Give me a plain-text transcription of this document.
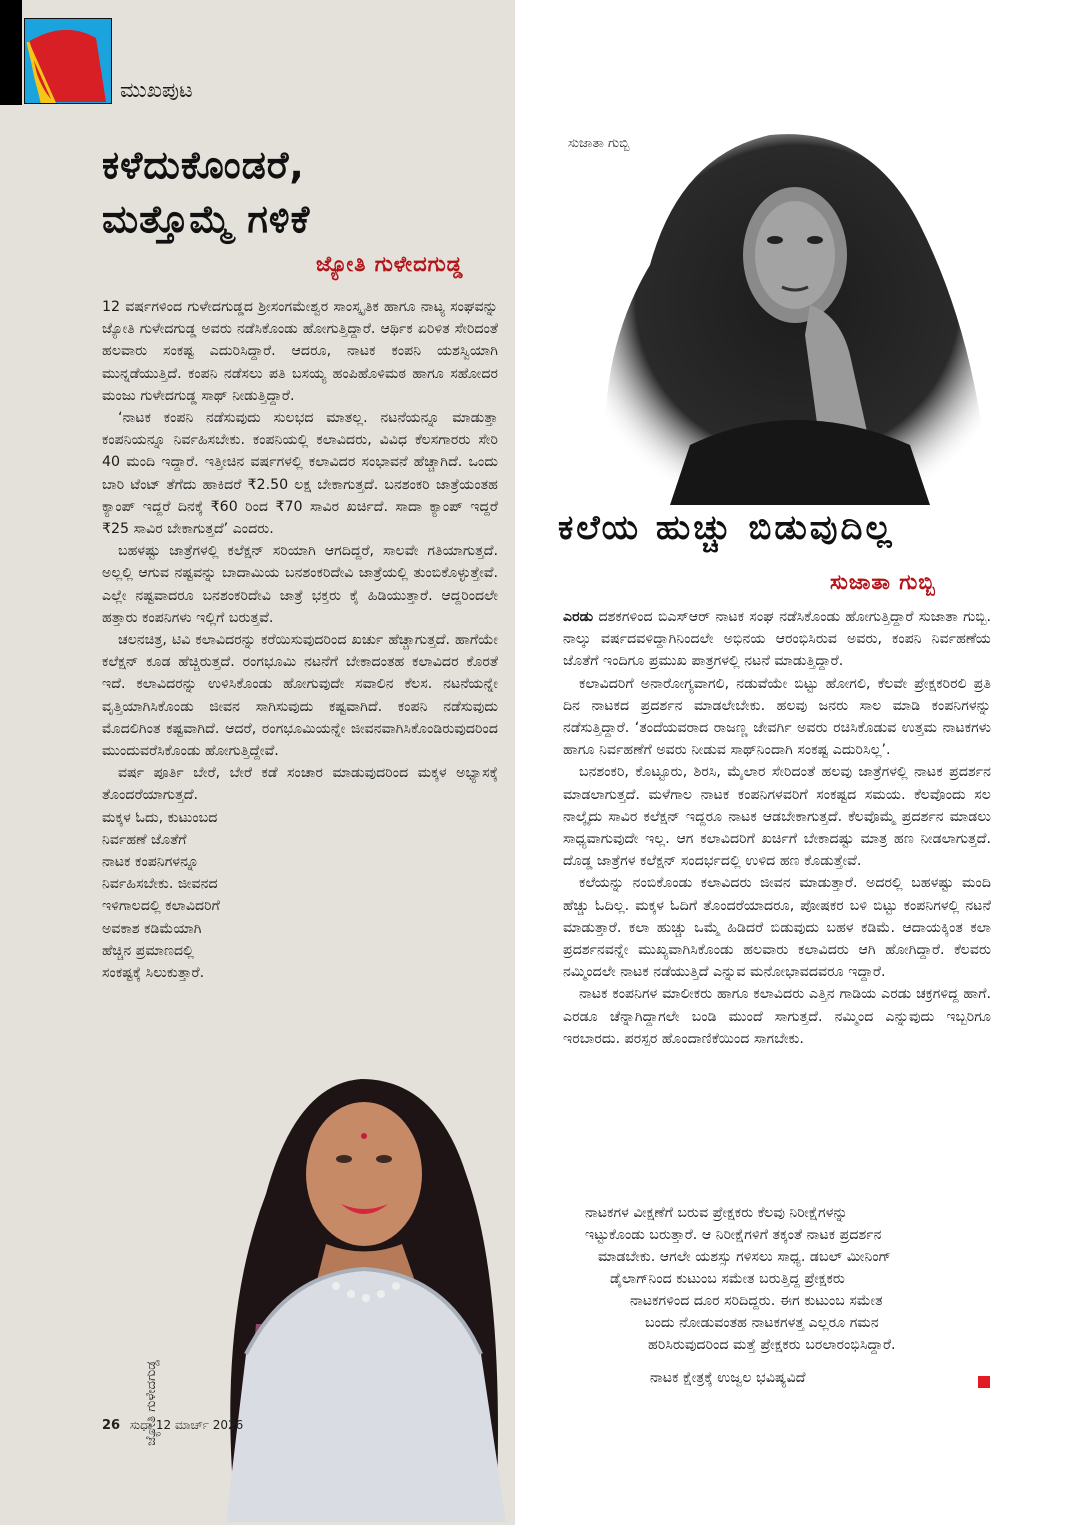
ಮುಖಪುಟ
ಕಳೆದುಕೊಂಡರೆ,
ಮತ್ತೊಮ್ಮೆ ಗಳಿಕೆ
ಜ್ಯೋತಿ ಗುಳೇದಗುಡ್ಡ

12 ವರ್ಷಗಳಿಂದ ಗುಳೇದಗುಡ್ಡದ ಶ್ರೀಸಂಗಮೇಶ್ವರ ಸಾಂಸ್ಕೃತಿಕ ಹಾಗೂ ನಾಟ್ಯ ಸಂಘವನ್ನು ಜ್ಯೋತಿ ಗುಳೇದಗುಡ್ಡ ಅವರು ನಡೆಸಿಕೊಂಡು ಹೋಗುತ್ತಿದ್ದಾರೆ. ಆರ್ಥಿಕ ಏರಿಳಿತ ಸೇರಿದಂತೆ ಹಲವಾರು ಸಂಕಷ್ಟ ಎದುರಿಸಿದ್ದಾರೆ. ಆದರೂ, ನಾಟಕ ಕಂಪನಿ ಯಶಸ್ವಿಯಾಗಿ ಮುನ್ನಡೆಯುತ್ತಿದೆ. ಕಂಪನಿ ನಡೆಸಲು ಪತಿ ಬಸಯ್ಯ ಹಂಪಿಹೊಳಿಮಠ ಹಾಗೂ ಸಹೋದರ ಮಂಜು ಗುಳೇದಗುಡ್ಡ ಸಾಥ್ ನೀಡುತ್ತಿದ್ದಾರೆ.

‘ನಾಟಕ ಕಂಪನಿ ನಡೆಸುವುದು ಸುಲಭದ ಮಾತಲ್ಲ. ನಟನೆಯನ್ನೂ ಮಾಡುತ್ತಾ ಕಂಪನಿಯನ್ನೂ ನಿರ್ವಹಿಸಬೇಕು. ಕಂಪನಿಯಲ್ಲಿ ಕಲಾವಿದರು, ವಿವಿಧ ಕೆಲಸಗಾರರು ಸೇರಿ 40 ಮಂದಿ ಇದ್ದಾರೆ. ಇತ್ತೀಚಿನ ವರ್ಷಗಳಲ್ಲಿ ಕಲಾವಿದರ ಸಂಭಾವನೆ ಹೆಚ್ಚಾಗಿದೆ. ಒಂದು ಬಾರಿ ಟೆಂಟ್ ತೆಗೆದು ಹಾಕಿದರೆ ₹2.50 ಲಕ್ಷ ಬೇಕಾಗುತ್ತದೆ. ಬನಶಂಕರಿ ಜಾತ್ರೆಯಂತಹ ಕ್ಯಾಂಪ್ ಇದ್ದರೆ ದಿನಕ್ಕೆ ₹60 ರಿಂದ ₹70 ಸಾವಿರ ಖರ್ಚಿದೆ. ಸಾದಾ ಕ್ಯಾಂಪ್ ಇದ್ದರೆ ₹25 ಸಾವಿರ ಬೇಕಾಗುತ್ತದೆ’ ಎಂದರು.

ಬಹಳಷ್ಟು ಜಾತ್ರೆಗಳಲ್ಲಿ ಕಲೆಕ್ಷನ್ ಸರಿಯಾಗಿ ಆಗದಿದ್ದರೆ, ಸಾಲವೇ ಗತಿಯಾಗುತ್ತದೆ. ಅಲ್ಲಲ್ಲಿ ಆಗುವ ನಷ್ಟವನ್ನು ಬಾದಾಮಿಯ ಬನಶಂಕರಿದೇವಿ ಜಾತ್ರೆಯಲ್ಲಿ ತುಂಬಿಕೊಳ್ಳುತ್ತೇವೆ. ಎಲ್ಲೇ ನಷ್ಟವಾದರೂ ಬನಶಂಕರಿದೇವಿ ಜಾತ್ರೆ ಭಕ್ತರು ಕೈ ಹಿಡಿಯುತ್ತಾರೆ. ಆದ್ದರಿಂದಲೇ ಹತ್ತಾರು ಕಂಪನಿಗಳು ಇಲ್ಲಿಗೆ ಬರುತ್ತವೆ.

ಚಲನಚಿತ್ರ, ಟಿವಿ ಕಲಾವಿದರನ್ನು ಕರೆಯಿಸುವುದರಿಂದ ಖರ್ಚು ಹೆಚ್ಚಾಗುತ್ತದೆ. ಹಾಗೆಯೇ ಕಲೆಕ್ಷನ್ ಕೂಡ ಹೆಚ್ಚಿರುತ್ತದೆ. ರಂಗಭೂಮಿ ನಟನೆಗೆ ಬೇಕಾದಂತಹ ಕಲಾವಿದರ ಕೊರತೆ ಇದೆ. ಕಲಾವಿದರನ್ನು ಉಳಿಸಿಕೊಂಡು ಹೋಗುವುದೇ ಸವಾಲಿನ ಕೆಲಸ. ನಟನೆಯನ್ನೇ ವೃತ್ತಿಯಾಗಿಸಿಕೊಂಡು ಜೀವನ ಸಾಗಿಸುವುದು ಕಷ್ಟವಾಗಿದೆ. ಕಂಪನಿ ನಡೆಸುವುದು ಮೊದಲಿಗಿಂತ ಕಷ್ಟವಾಗಿದೆ. ಆದರೆ, ರಂಗಭೂಮಿಯನ್ನೇ ಜೀವನವಾಗಿಸಿಕೊಂಡಿರುವುದರಿಂದ ಮುಂದುವರೆಸಿಕೊಂಡು ಹೋಗುತ್ತಿದ್ದೇವೆ.

ವರ್ಷ ಪೂರ್ತಿ ಬೇರೆ, ಬೇರೆ ಕಡೆ ಸಂಚಾರ ಮಾಡುವುದರಿಂದ ಮಕ್ಕಳ ಅಭ್ಯಾಸಕ್ಕೆ ತೊಂದರೆಯಾಗುತ್ತದೆ.

ಮಕ್ಕಳ ಓದು, ಕುಟುಂಬದ

ನಿರ್ವಹಣೆ ಜೊತೆಗೆ

ನಾಟಕ ಕಂಪನಿಗಳನ್ನೂ

ನಿರ್ವಹಿಸಬೇಕು. ಜೀವನದ

ಇಳಿಗಾಲದಲ್ಲಿ ಕಲಾವಿದರಿಗೆ

ಅವಕಾಶ ಕಡಿಮೆಯಾಗಿ

ಹೆಚ್ಚಿನ ಪ್ರಮಾಣದಲ್ಲಿ

ಸಂಕಷ್ಟಕ್ಕೆ ಸಿಲುಕುತ್ತಾರೆ.

ಸುಜಾತಾ ಗುಬ್ಬಿ
ಕಲೆಯ ಹುಚ್ಚು ಬಿಡುವುದಿಲ್ಲ
ಸುಜಾತಾ ಗುಬ್ಬಿ

ಎರಡು ದಶಕಗಳಿಂದ ಬಿಎಸ್‌ಆರ್ ನಾಟಕ ಸಂಘ ನಡೆಸಿಕೊಂಡು ಹೋಗುತ್ತಿದ್ದಾರೆ ಸುಜಾತಾ ಗುಬ್ಬಿ. ನಾಲ್ಕು ವರ್ಷದವಳಿದ್ದಾಗಿನಿಂದಲೇ ಅಭಿನಯ ಆರಂಭಿಸಿರುವ ಅವರು, ಕಂಪನಿ ನಿರ್ವಹಣೆಯ ಜೊತೆಗೆ ಇಂದಿಗೂ ಪ್ರಮುಖ ಪಾತ್ರಗಳಲ್ಲಿ ನಟನೆ ಮಾಡುತ್ತಿದ್ದಾರೆ.

ಕಲಾವಿದರಿಗೆ ಅನಾರೋಗ್ಯವಾಗಲಿ, ನಡುವೆಯೇ ಬಿಟ್ಟು ಹೋಗಲಿ, ಕೆಲವೇ ಪ್ರೇಕ್ಷಕರಿರಲಿ ಪ್ರತಿ ದಿನ ನಾಟಕದ ಪ್ರದರ್ಶನ ಮಾಡಲೇಬೇಕು. ಹಲವು ಜನರು ಸಾಲ ಮಾಡಿ ಕಂಪನಿಗಳನ್ನು ನಡೆಸುತ್ತಿದ್ದಾರೆ. ‘ತಂದೆಯವರಾದ ರಾಜಣ್ಣ ಜೇವರ್ಗಿ ಅವರು ರಚಿಸಿಕೊಡುವ ಉತ್ತಮ ನಾಟಕಗಳು ಹಾಗೂ ನಿರ್ವಹಣೆಗೆ ಅವರು ನೀಡುವ ಸಾಥ್‌ನಿಂದಾಗಿ ಸಂಕಷ್ಟ ಎದುರಿಸಿಲ್ಲ’.

ಬನಶಂಕರಿ, ಕೊಟ್ಟೂರು, ಶಿರಸಿ, ಮೈಲಾರ ಸೇರಿದಂತೆ ಹಲವು ಜಾತ್ರೆಗಳಲ್ಲಿ ನಾಟಕ ಪ್ರದರ್ಶನ ಮಾಡಲಾಗುತ್ತದೆ. ಮಳೆಗಾಲ ನಾಟಕ ಕಂಪನಿಗಳವರಿಗೆ ಸಂಕಷ್ಟದ ಸಮಯ. ಕೆಲವೊಂದು ಸಲ ನಾಲ್ಕೈದು ಸಾವಿರ ಕಲೆಕ್ಷನ್ ಇದ್ದರೂ ನಾಟಕ ಆಡಬೇಕಾಗುತ್ತದೆ. ಕೆಲವೊಮ್ಮೆ ಪ್ರದರ್ಶನ ಮಾಡಲು ಸಾಧ್ಯವಾಗುವುದೇ ಇಲ್ಲ. ಆಗ ಕಲಾವಿದರಿಗೆ ಖರ್ಚಿಗೆ ಬೇಕಾದಷ್ಟು ಮಾತ್ರ ಹಣ ನೀಡಲಾಗುತ್ತದೆ. ದೊಡ್ಡ ಜಾತ್ರೆಗಳ ಕಲೆಕ್ಷನ್ ಸಂದರ್ಭದಲ್ಲಿ ಉಳಿದ ಹಣ ಕೊಡುತ್ತೇವೆ.

ಕಲೆಯನ್ನು ನಂಬಿಕೊಂಡು ಕಲಾವಿದರು ಜೀವನ ಮಾಡುತ್ತಾರೆ. ಅದರಲ್ಲಿ ಬಹಳಷ್ಟು ಮಂದಿ ಹೆಚ್ಚು ಓದಿಲ್ಲ. ಮಕ್ಕಳ ಓದಿಗೆ ತೊಂದರೆಯಾದರೂ, ಪೋಷಕರ ಬಳಿ ಬಿಟ್ಟು ಕಂಪನಿಗಳಲ್ಲಿ ನಟನೆ ಮಾಡುತ್ತಾರೆ. ಕಲಾ ಹುಚ್ಚು ಒಮ್ಮೆ ಹಿಡಿದರೆ ಬಿಡುವುದು ಬಹಳ ಕಡಿಮೆ. ಆದಾಯಕ್ಕಿಂತ ಕಲಾ ಪ್ರದರ್ಶನವನ್ನೇ ಮುಖ್ಯವಾಗಿಸಿಕೊಂಡು ಹಲವಾರು ಕಲಾವಿದರು ಆಗಿ ಹೋಗಿದ್ದಾರೆ. ಕೆಲವರು ನಮ್ಮಿಂದಲೇ ನಾಟಕ ನಡೆಯುತ್ತಿದೆ ಎನ್ನುವ ಮನೋಭಾವದವರೂ ಇದ್ದಾರೆ.

ನಾಟಕ ಕಂಪನಿಗಳ ಮಾಲೀಕರು ಹಾಗೂ ಕಲಾವಿದರು ಎತ್ತಿನ ಗಾಡಿಯ ಎರಡು ಚಕ್ರಗಳಿದ್ದ ಹಾಗೆ. ಎರಡೂ ಚೆನ್ನಾಗಿದ್ದಾಗಲೇ ಬಂಡಿ ಮುಂದೆ ಸಾಗುತ್ತದೆ. ನಮ್ಮಿಂದ ಎನ್ನುವುದು ಇಬ್ಬರಿಗೂ ಇರಬಾರದು. ಪರಸ್ಪರ ಹೊಂದಾಣಿಕೆಯಿಂದ ಸಾಗಬೇಕು.

ನಾಟಕಗಳ ವೀಕ್ಷಣೆಗೆ ಬರುವ ಪ್ರೇಕ್ಷಕರು ಕೆಲವು ನಿರೀಕ್ಷೆಗಳನ್ನು
ಇಟ್ಟುಕೊಂಡು ಬರುತ್ತಾರೆ. ಆ ನಿರೀಕ್ಷೆಗಳಿಗೆ ತಕ್ಕಂತೆ ನಾಟಕ ಪ್ರದರ್ಶನ
ಮಾಡಬೇಕು. ಆಗಲೇ ಯಶಸ್ಸು ಗಳಿಸಲು ಸಾಧ್ಯ. ಡಬಲ್ ಮೀನಿಂಗ್
ಡೈಲಾಗ್‌ನಿಂದ ಕುಟುಂಬ ಸಮೇತ ಬರುತ್ತಿದ್ದ ಪ್ರೇಕ್ಷಕರು
ನಾಟಕಗಳಿಂದ ದೂರ ಸರಿದಿದ್ದರು. ಈಗ ಕುಟುಂಬ ಸಮೇತ
ಬಂದು ನೋಡುವಂತಹ ನಾಟಕಗಳತ್ತ ಎಲ್ಲರೂ ಗಮನ
ಹರಿಸಿರುವುದರಿಂದ ಮತ್ತೆ ಪ್ರೇಕ್ಷಕರು ಬರಲಾರಂಭಿಸಿದ್ದಾರೆ.
ನಾಟಕ ಕ್ಷೇತ್ರಕ್ಕೆ ಉಜ್ವಲ ಭವಿಷ್ಯವಿದೆ
ಜ್ಯೋತಿ ಗುಳೇದಗುಡ್ಡ
26 ಸುಧಾ 12 ಮಾರ್ಚ್ 2026
